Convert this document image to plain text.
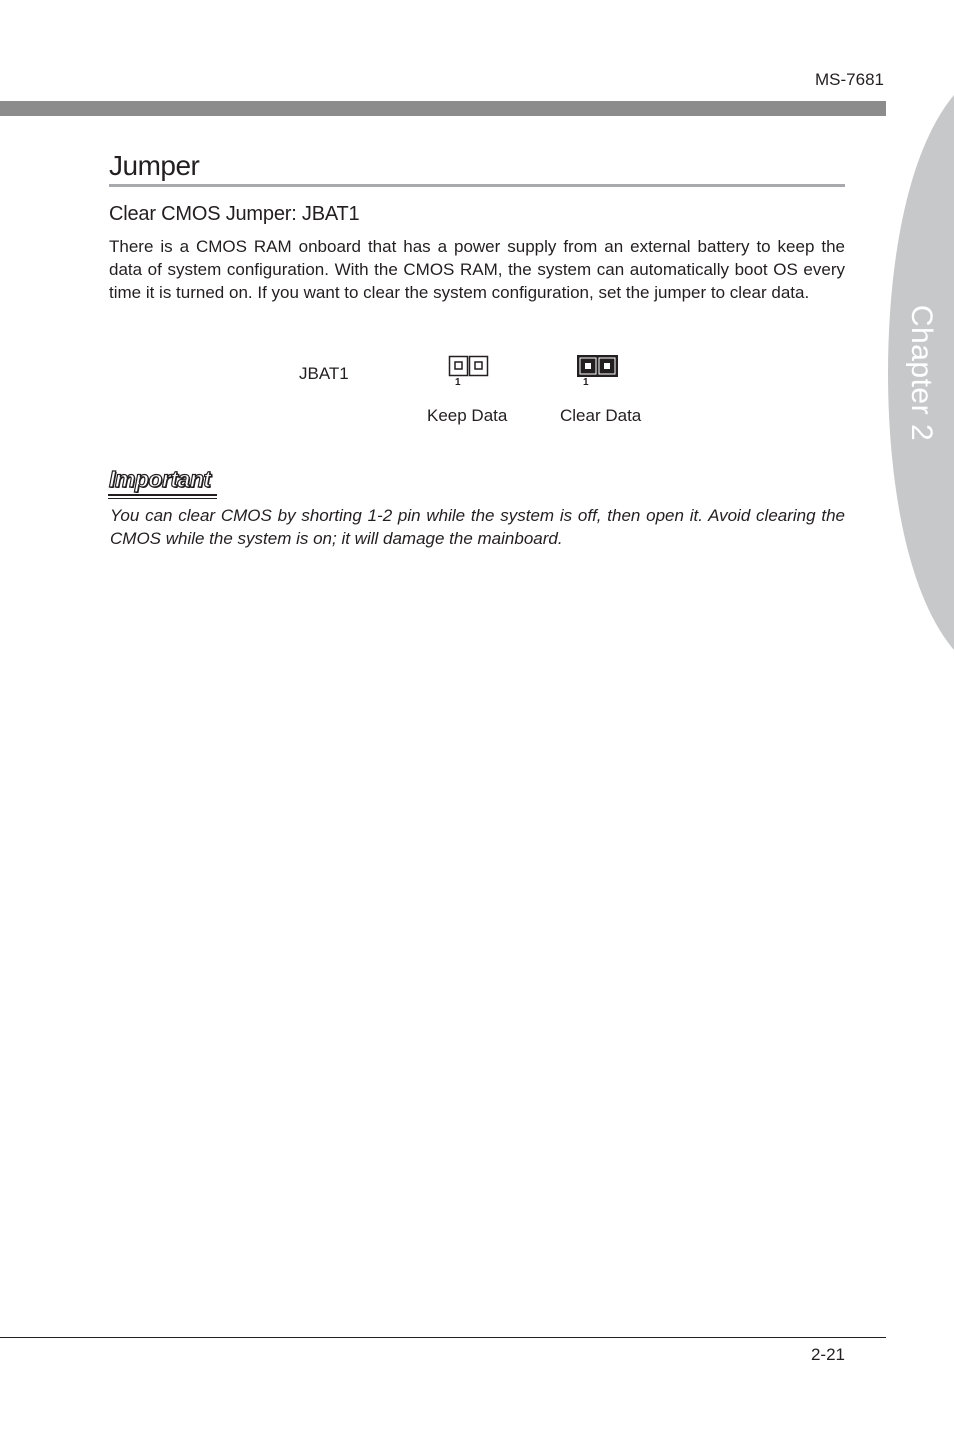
MS-7681
Chapter 2
Jumper
Clear CMOS Jumper: JBAT1

There is a CMOS RAM onboard that has a power supply from an external battery to keep the data of system configuration. With the CMOS RAM, the system can automatically boot OS every time it is turned on. If you want to clear the system configuration, set the jumper to clear data.

JBAT1	1
Keep Data
1
Clear Data
Important

You can clear CMOS by shorting 1-2 pin while the system is off, then open it. Avoid clearing the CMOS while the system is on; it will damage the mainboard.

2-21
